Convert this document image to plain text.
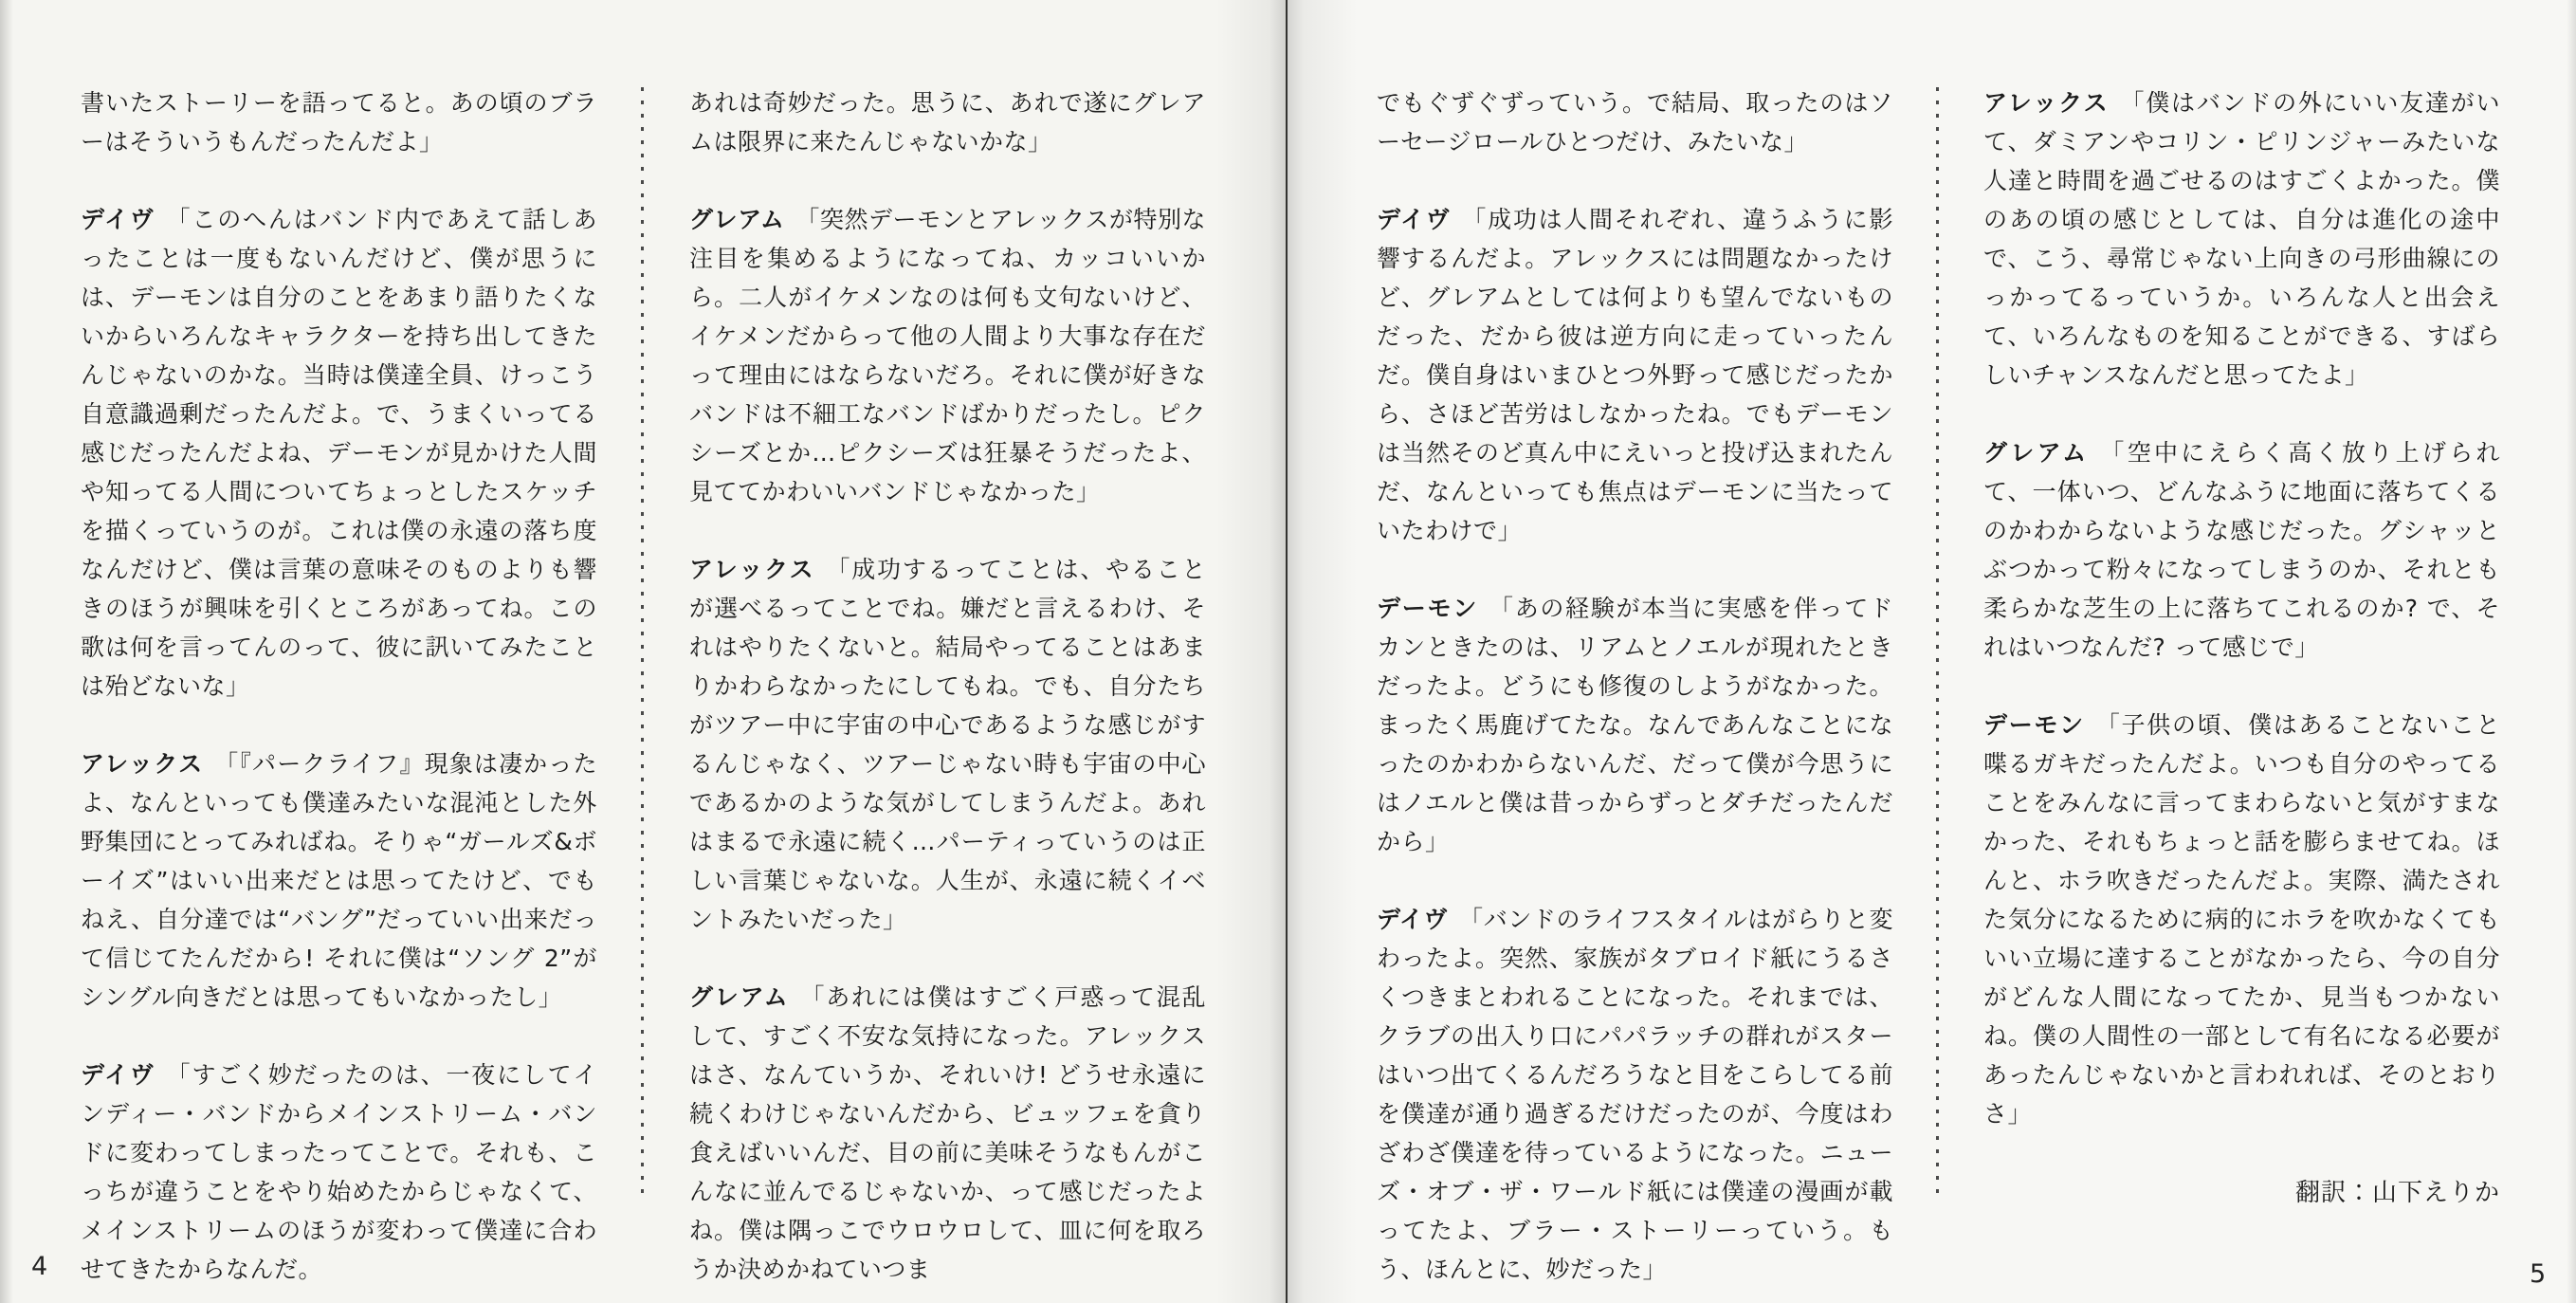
書いたストーリーを語ってると。あの頃のブラーはそういうもんだったんだよ」

デイヴ 「このへんはバンド内であえて話しあったことは一度もないんだけど、僕が思うには、デーモンは自分のことをあまり語りたくないからいろんなキャラクターを持ち出してきたんじゃないのかな。当時は僕達全員、けっこう自意識過剰だったんだよ。で、うまくいってる感じだったんだよね、デーモンが見かけた人間や知ってる人間についてちょっとしたスケッチを描くっていうのが。これは僕の永遠の落ち度なんだけど、僕は言葉の意味そのものよりも響きのほうが興味を引くところがあってね。この歌は何を言ってんのって、彼に訊いてみたことは殆どないな」

アレックス 「『パークライフ』現象は凄かったよ、なんといっても僕達みたいな混沌とした外野集団にとってみればね。そりゃ“ガールズ&ボーイズ”はいい出来だとは思ってたけど、でもねえ、自分達では“バング”だっていい出来だって信じてたんだから! それに僕は“ソング 2”がシングル向きだとは思ってもいなかったし」

デイヴ 「すごく妙だったのは、一夜にしてインディー・バンドからメインストリーム・バンドに変わってしまったってことで。それも、こっちが違うことをやり始めたからじゃなくて、メインストリームのほうが変わって僕達に合わせてきたからなんだ。

あれは奇妙だった。思うに、あれで遂にグレアムは限界に来たんじゃないかな」

グレアム 「突然デーモンとアレックスが特別な注目を集めるようになってね、カッコいいから。二人がイケメンなのは何も文句ないけど、イケメンだからって他の人間より大事な存在だって理由にはならないだろ。それに僕が好きなバンドは不細工なバンドばかりだったし。ピクシーズとか…ピクシーズは狂暴そうだったよ、見ててかわいいバンドじゃなかった」

アレックス 「成功するってことは、やることが選べるってことでね。嫌だと言えるわけ、それはやりたくないと。結局やってることはあまりかわらなかったにしてもね。でも、自分たちがツアー中に宇宙の中心であるような感じがするんじゃなく、ツアーじゃない時も宇宙の中心であるかのような気がしてしまうんだよ。あれはまるで永遠に続く…パーティっていうのは正しい言葉じゃないな。人生が、永遠に続くイベントみたいだった」

グレアム 「あれには僕はすごく戸惑って混乱して、すごく不安な気持になった。アレックスはさ、なんていうか、それいけ! どうせ永遠に続くわけじゃないんだから、ビュッフェを貪り食えばいいんだ、目の前に美味そうなもんがこんなに並んでるじゃないか、って感じだったよね。僕は隅っこでウロウロして、皿に何を取ろうか決めかねていつま

でもぐずぐずっていう。で結局、取ったのはソーセージロールひとつだけ、みたいな」

デイヴ 「成功は人間それぞれ、違うふうに影響するんだよ。アレックスには問題なかったけど、グレアムとしては何よりも望んでないものだった、だから彼は逆方向に走っていったんだ。僕自身はいまひとつ外野って感じだったから、さほど苦労はしなかったね。でもデーモンは当然そのど真ん中にえいっと投げ込まれたんだ、なんといっても焦点はデーモンに当たっていたわけで」

デーモン 「あの経験が本当に実感を伴ってドカンときたのは、リアムとノエルが現れたときだったよ。どうにも修復のしようがなかった。まったく馬鹿げてたな。なんであんなことになったのかわからないんだ、だって僕が今思うにはノエルと僕は昔っからずっとダチだったんだから」

デイヴ 「バンドのライフスタイルはがらりと変わったよ。突然、家族がタブロイド紙にうるさくつきまとわれることになった。それまでは、クラブの出入り口にパパラッチの群れがスターはいつ出てくるんだろうなと目をこらしてる前を僕達が通り過ぎるだけだったのが、今度はわざわざ僕達を待っているようになった。ニューズ・オブ・ザ・ワールド紙には僕達の漫画が載ってたよ、ブラー・ストーリーっていう。もう、ほんとに、妙だった」

アレックス 「僕はバンドの外にいい友達がいて、ダミアンやコリン・ピリンジャーみたいな人達と時間を過ごせるのはすごくよかった。僕のあの頃の感じとしては、自分は進化の途中で、こう、尋常じゃない上向きの弓形曲線にのっかってるっていうか。いろんな人と出会えて、いろんなものを知ることができる、すばらしいチャンスなんだと思ってたよ」

グレアム 「空中にえらく高く放り上げられて、一体いつ、どんなふうに地面に落ちてくるのかわからないような感じだった。グシャッとぶつかって粉々になってしまうのか、それとも柔らかな芝生の上に落ちてこれるのか? で、それはいつなんだ? って感じで」

デーモン 「子供の頃、僕はあることないこと喋るガキだったんだよ。いつも自分のやってることをみんなに言ってまわらないと気がすまなかった、それもちょっと話を膨らませてね。ほんと、ホラ吹きだったんだよ。実際、満たされた気分になるために病的にホラを吹かなくてもいい立場に達することがなかったら、今の自分がどんな人間になってたか、見当もつかないね。僕の人間性の一部として有名になる必要があったんじゃないかと言われれば、そのとおりさ」

翻訳：山下えりか
4	5
